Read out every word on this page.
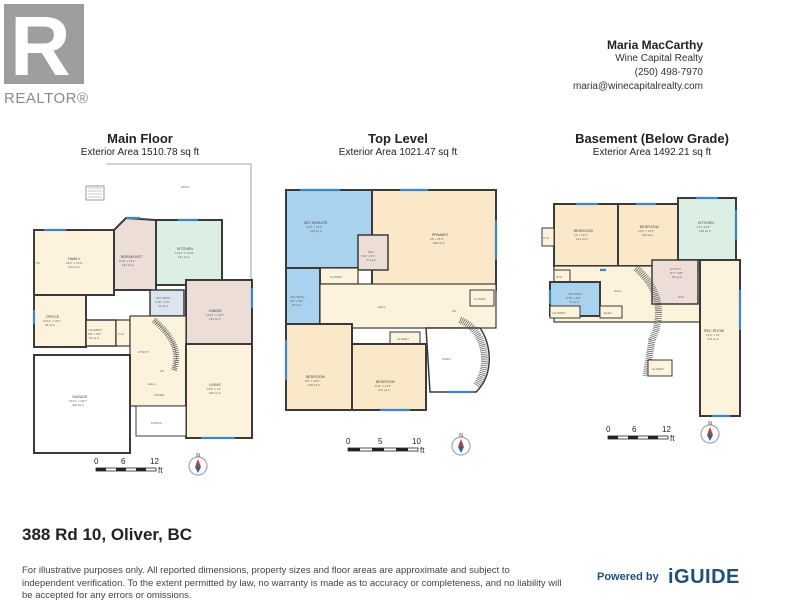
R
REALTOR®
Maria MacCarthy
Wine Capital Realty
(250) 498-7970
maria@winecapitalrealty.com
Main Floor
Exterior Area 1510.78 sq ft
Top Level
Exterior Area 1021.47 sq ft
Basement (Below Grade)
Exterior Area 1492.21 sq ft
PATIO
FAMILY
18'2" x 13'0"
216 sq ft
FP
BREAKFAST
9'10" x 15'2"
142 sq ft
KITCHEN
11'11" x 12'10"
161 sq ft
OFFICE
10'11" x 10'3"
99 sq ft
LAUNDRY
9'8" x 5'9"
64 sq ft
CLO
2PC BATH
6'10" x 6'5"
41 sq ft
DINING
12'10" x 10'7"
132 sq ft
HALL
FOYER
UTILITY
UP
LIVING
15'5" x 14'
190 sq ft
GARAGE
19'11" x 20'7"
406 sq ft
PORCH
5PC ENSUITE
12'8" x 10'4"
133 sq ft
PRIMARY
18' x 16'4"
318 sq ft
WIC
6'11" x 6'1"
47 sq ft
CLOSET
4PC BATH
9'8" x 5'8"
66 sq ft	HALL
CLOSET
CLOSET
BEDROOM
9'6" x 14'6"
138 sq ft
BEDROOM
8'11" x 14'4"
124 sq ft
OPEN
DN
BEDROOM
12' x 12'7"
144 sq ft
CLO
BEDROOM
12'2" x 14'4"
116 sq ft
KITCHEN
11' x 13'3"
139 sq ft
HALL
STG
3PC BATH
9'10" x 8'6"
73 sq ft
LAUNDRY	ELEC
UTILITY
9'7" x 9'8"
90 sq ft
STG
CLOSET
REC ROOM
12'4" x 31'
373 sq ft
0	6	12
ft
0	5	10
ft
0	6	12
ft
N
N
N
388 Rd 10, Oliver, BC
For illustrative purposes only. All reported dimensions, property sizes and floor areas are approximate and subject to independent verification. To the extent permitted by law, no warranty is made as to accuracy or completeness, and no liability will be accepted for any errors or omissions.
Powered by iGUIDE
